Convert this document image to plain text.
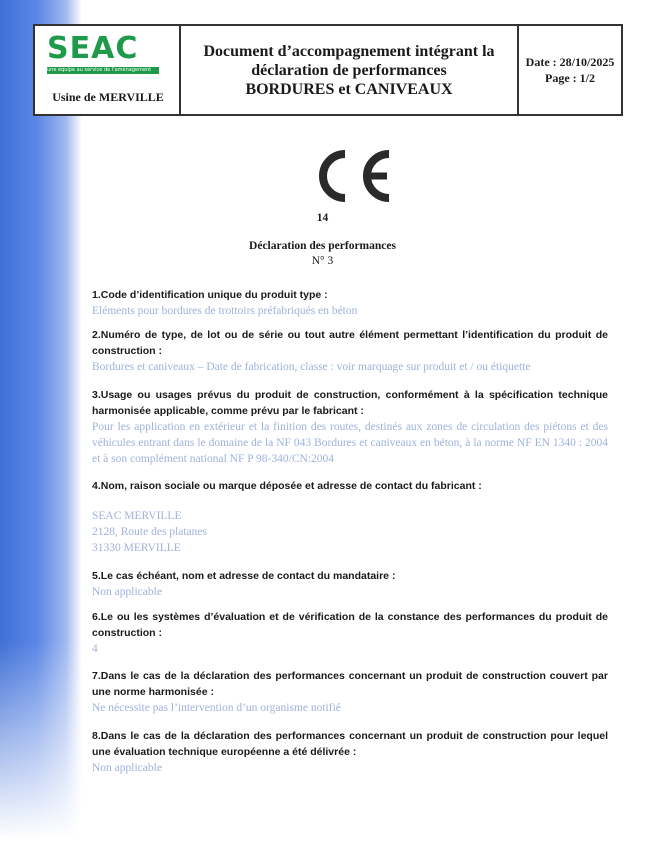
SEAC
une équipe au service de l'aménagement
Usine de MERVILLE
Document d’accompagnement intégrant la
déclaration de performances
BORDURES et CANIVEAUX
Date : 28/10/2025
Page : 1/2
14
Déclaration des performances
N° 3
1.Code d’identification unique du produit type :
Eléments pour bordures de trottoirs préfabriqués en béton
2.Numéro de type, de lot ou de série ou tout autre élément permettant l’identification du produit de construction :
Bordures et caniveaux – Date de fabrication, classe : voir marquage sur produit et / ou étiquette
3.Usage ou usages prévus du produit de construction, conformément à la spécification technique harmonisée applicable, comme prévu par le fabricant :
Pour les application en extérieur et la finition des routes, destinés aux zones de circulation des piétons et des véhicules entrant dans le domaine de la NF 043 Bordures et caniveaux en béton, à la norme NF EN 1340 : 2004 et à son complément national NF P 98-340/CN:2004
4.Nom, raison sociale ou marque déposée et adresse de contact du fabricant :
SEAC MERVILLE
2128, Route des platanes
31330 MERVILLE
5.Le cas échéant, nom et adresse de contact du mandataire :
Non applicable
6.Le ou les systèmes d’évaluation et de vérification de la constance des performances du produit de construction :
4
7.Dans le cas de la déclaration des performances concernant un produit de construction couvert par une norme harmonisée :
Ne nécessite pas l’intervention d’un organisme notifié
8.Dans le cas de la déclaration des performances concernant un produit de construction pour lequel une évaluation technique européenne a été délivrée :
Non applicable
